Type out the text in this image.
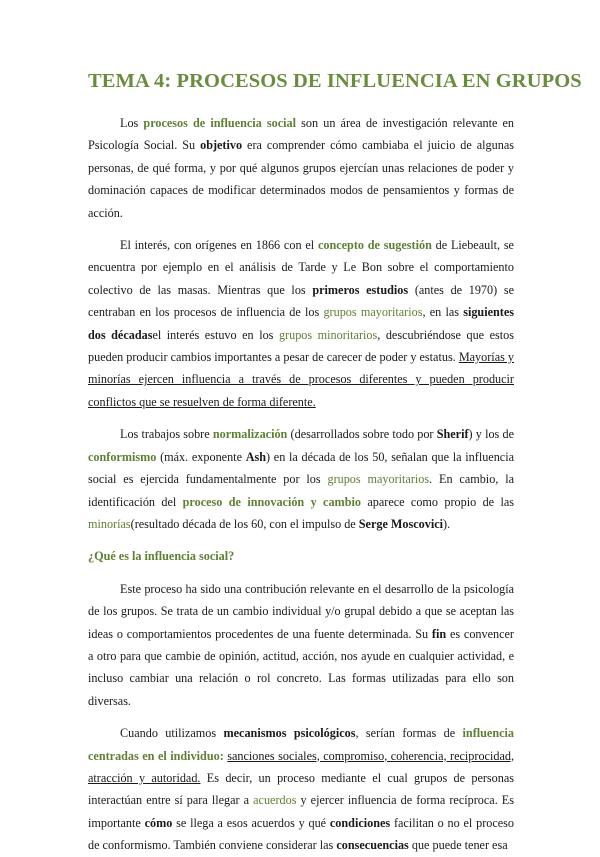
TEMA 4: PROCESOS DE INFLUENCIA EN GRUPOS

Los procesos de influencia social son un área de investigación relevante en Psicología Social. Su objetivo era comprender cómo cambiaba el juicio de algunas personas, de qué forma, y por qué algunos grupos ejercían unas relaciones de poder y dominación capaces de modificar determinados modos de pensamientos y formas de acción.

El interés, con orígenes en 1866 con el concepto de sugestión de Liebeault, se encuentra por ejemplo en el análisis de Tarde y Le Bon sobre el comportamiento colectivo de las masas. Mientras que los primeros estudios (antes de 1970) se centraban en los procesos de influencia de los grupos mayoritarios, en las siguientes dos décadasel interés estuvo en los grupos minoritarios, descubriéndose que estos pueden producir cambios importantes a pesar de carecer de poder y estatus. Mayorías y minorías ejercen influencia a través de procesos diferentes y pueden producir conflictos que se resuelven de forma diferente.

Los trabajos sobre normalización (desarrollados sobre todo por Sherif) y los de conformismo (máx. exponente Ash) en la década de los 50, señalan que la influencia social es ejercida fundamentalmente por los grupos mayoritarios. En cambio, la identificación del proceso de innovación y cambio aparece como propio de las minorías(resultado década de los 60, con el impulso de Serge Moscovici).

¿Qué es la influencia social?

Este proceso ha sido una contribución relevante en el desarrollo de la psicología de los grupos. Se trata de un cambio individual y/o grupal debido a que se aceptan las ideas o comportamientos procedentes de una fuente determinada. Su fin es convencer a otro para que cambie de opinión, actitud, acción, nos ayude en cualquier actividad, e incluso cambiar una relación o rol concreto. Las formas utilizadas para ello son diversas.

Cuando utilizamos mecanismos psicológicos, serían formas de influencia centradas en el individuo: sanciones sociales, compromiso, coherencia, reciprocidad, atracción y autoridad. Es decir, un proceso mediante el cual grupos de personas interactúan entre sí para llegar a acuerdos y ejercer influencia de forma recíproca. Es importante cómo se llega a esos acuerdos y qué condiciones facilitan o no el proceso de conformismo. También conviene considerar las consecuencias que puede tener esa
